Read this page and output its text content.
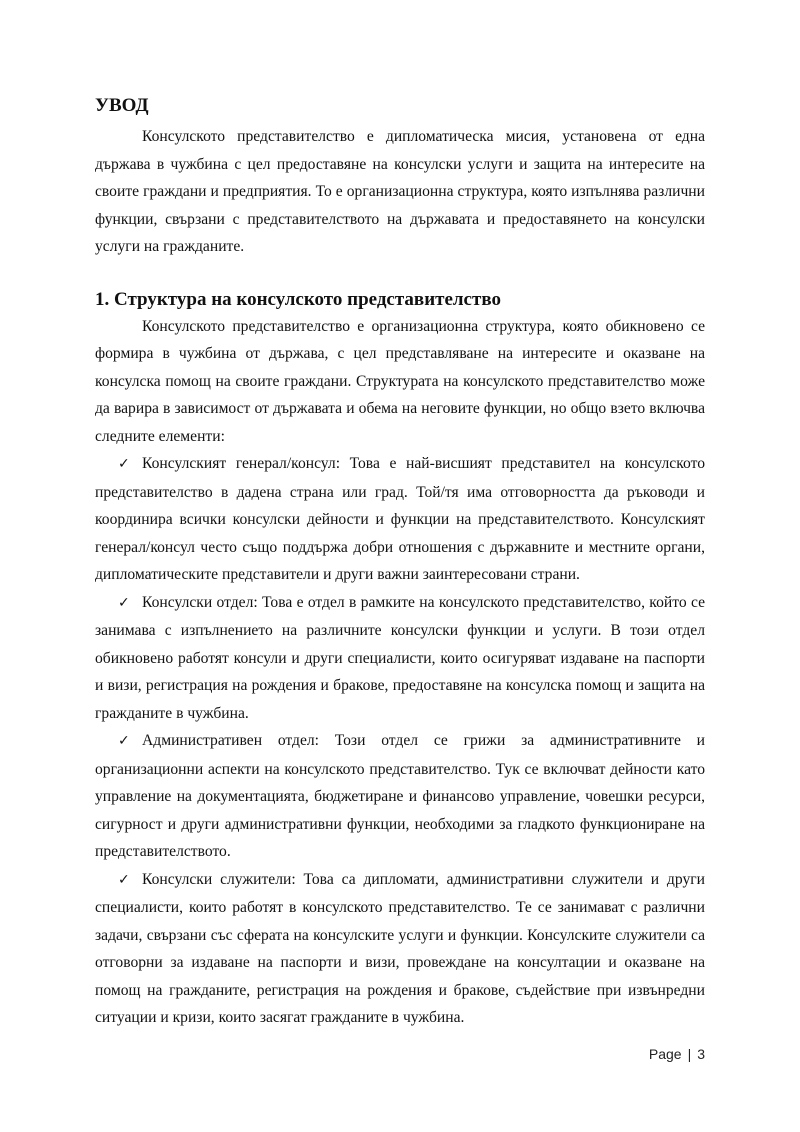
УВОД

Консулското представителство е дипломатическа мисия, установена от една държава в чужбина с цел предоставяне на консулски услуги и защита на интересите на своите граждани и предприятия. То е организационна структура, която изпълнява различни функции, свързани с представителството на държавата и предоставянето на консулски услуги на гражданите.

1. Структура на консулското представителство

Консулското представителство е организационна структура, която обикновено се формира в чужбина от държава, с цел представляване на интересите и оказване на консулска помощ на своите граждани. Структурата на консулското представителство може да варира в зависимост от държавата и обема на неговите функции, но общо взето включва следните елементи:

✓ Консулският генерал/консул: Това е най-висшият представител на консулското представителство в дадена страна или град. Той/тя има отговорността да ръководи и координира всички консулски дейности и функции на представителството. Консулският генерал/консул често също поддържа добри отношения с държавните и местните органи, дипломатическите представители и други важни заинтересовани страни.

✓ Консулски отдел: Това е отдел в рамките на консулското представителство, който се занимава с изпълнението на различните консулски функции и услуги. В този отдел обикновено работят консули и други специалисти, които осигуряват издаване на паспорти и визи, регистрация на рождения и бракове, предоставяне на консулска помощ и защита на гражданите в чужбина.

✓ Административен отдел: Този отдел се грижи за административните и организационни аспекти на консулското представителство. Тук се включват дейности като управление на документацията, бюджетиране и финансово управление, човешки ресурси, сигурност и други административни функции, необходими за гладкото функциониране на представителството.

✓ Консулски служители: Това са дипломати, административни служители и други специалисти, които работят в консулското представителство. Те се занимават с различни задачи, свързани със сферата на консулските услуги и функции. Консулските служители са отговорни за издаване на паспорти и визи, провеждане на консултации и оказване на помощ на гражданите, регистрация на рождения и бракове, съдействие при извънредни ситуации и кризи, които засягат гражданите в чужбина.

Page | 3
